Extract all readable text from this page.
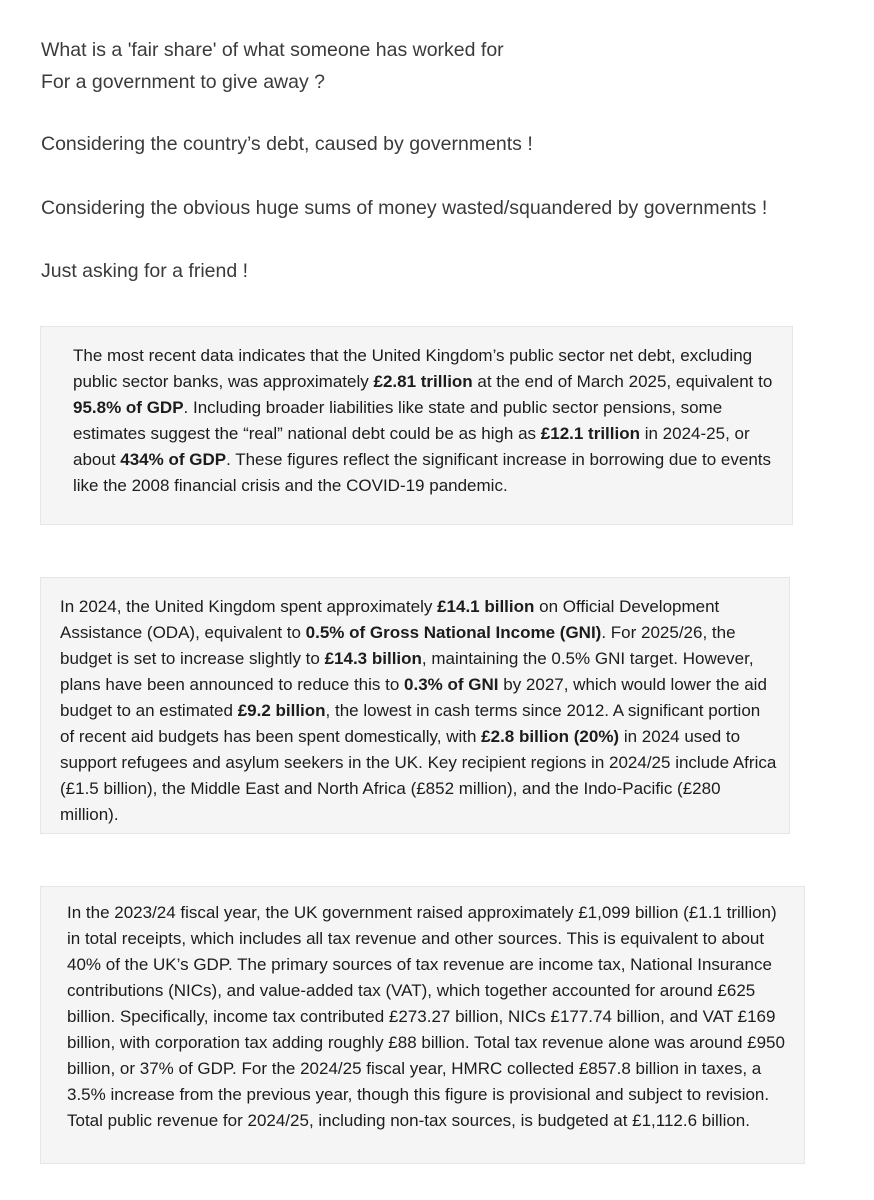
What is a 'fair share' of what someone has worked for
For a government to give away ?
Considering the country’s debt, caused by governments !
Considering the obvious huge sums of money wasted/squandered by governments !
Just asking for a friend !

The most recent data indicates that the United Kingdom’s public sector net debt, excluding public sector banks, was approximately £2.81 trillion at the end of March 2025, equivalent to 95.8% of GDP. Including broader liabilities like state and public sector pensions, some estimates suggest the “real” national debt could be as high as £12.1 trillion in 2024-25, or about 434% of GDP. These figures reflect the significant increase in borrowing due to events like the 2008 financial crisis and the COVID-19 pandemic.

In 2024, the United Kingdom spent approximately £14.1 billion on Official Development Assistance (ODA), equivalent to 0.5% of Gross National Income (GNI). For 2025/26, the budget is set to increase slightly to £14.3 billion, maintaining the 0.5% GNI target. However, plans have been announced to reduce this to 0.3% of GNI by 2027, which would lower the aid budget to an estimated £9.2 billion, the lowest in cash terms since 2012. A significant portion of recent aid budgets has been spent domestically, with £2.8 billion (20%) in 2024 used to support refugees and asylum seekers in the UK. Key recipient regions in 2024/25 include Africa (£1.5 billion), the Middle East and North Africa (£852 million), and the Indo-Pacific (£280 million).

In the 2023/24 fiscal year, the UK government raised approximately £1,099 billion (£1.1 trillion) in total receipts, which includes all tax revenue and other sources. This is equivalent to about 40% of the UK’s GDP. The primary sources of tax revenue are income tax, National Insurance contributions (NICs), and value-added tax (VAT), which together accounted for around £625 billion. Specifically, income tax contributed £273.27 billion, NICs £177.74 billion, and VAT £169 billion, with corporation tax adding roughly £88 billion. Total tax revenue alone was around £950 billion, or 37% of GDP. For the 2024/25 fiscal year, HMRC collected £857.8 billion in taxes, a 3.5% increase from the previous year, though this figure is provisional and subject to revision. Total public revenue for 2024/25, including non-tax sources, is budgeted at £1,112.6 billion.
